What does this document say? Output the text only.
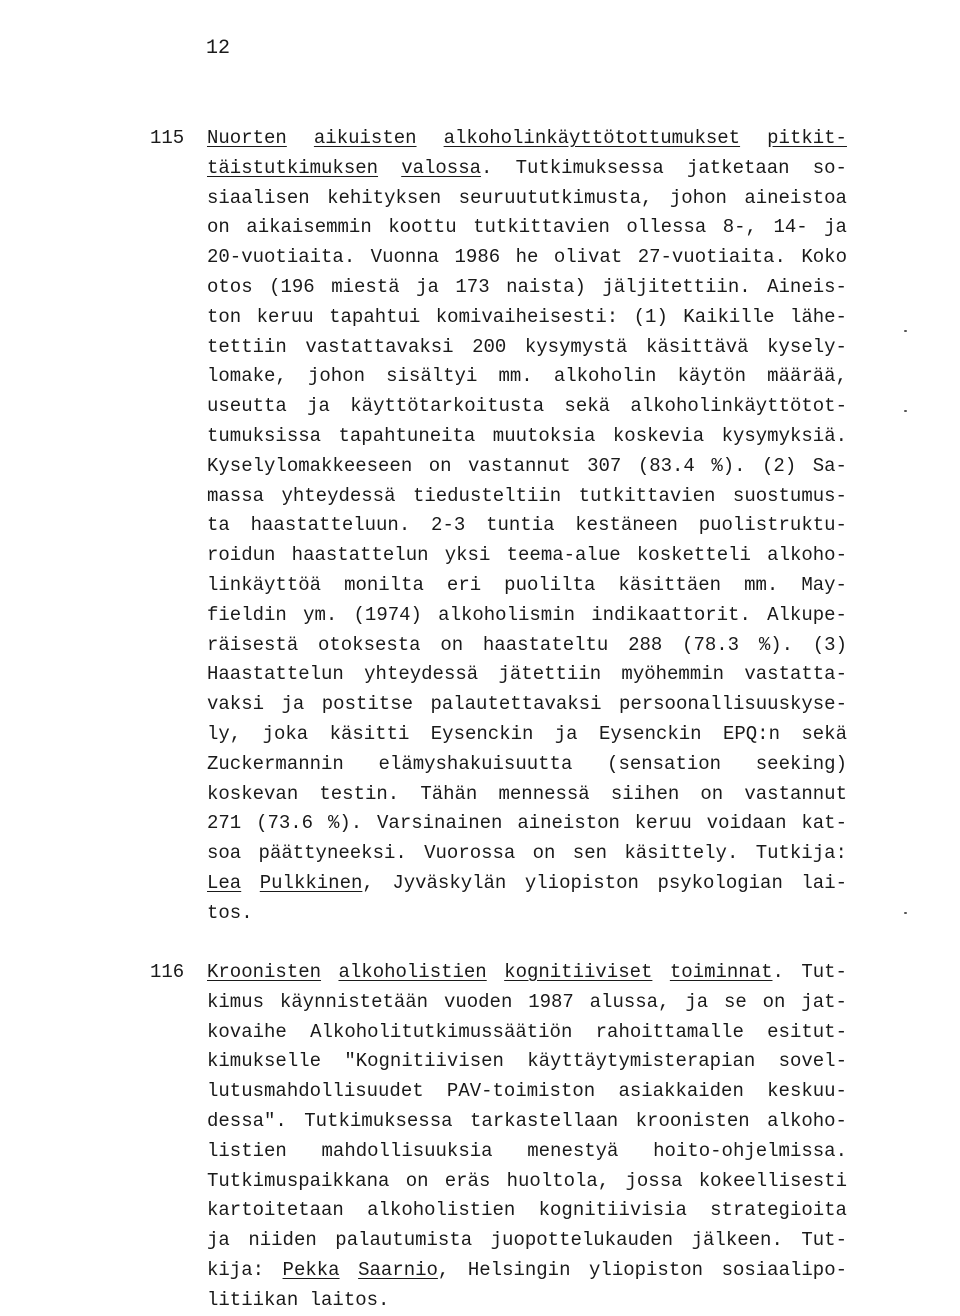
12
115 Nuorten aikuisten alkoholinkäyttötottumukset pitkit-
täistutkimuksen valossa. Tutkimuksessa jatketaan so-
siaalisen kehityksen seuruututkimusta, johon aineistoa
on aikaisemmin koottu tutkittavien ollessa 8-, 14- ja
20-vuotiaita. Vuonna 1986 he olivat 27-vuotiaita. Koko
otos (196 miestä ja 173 naista) jäljitettiin. Aineis-
ton keruu tapahtui komivaiheisesti: (1) Kaikille lähe-
tettiin vastattavaksi 200 kysymystä käsittävä kysely-
lomake, johon sisältyi mm. alkoholin käytön määrää,
useutta ja käyttötarkoitusta sekä alkoholinkäyttötot-
tumuksissa tapahtuneita muutoksia koskevia kysymyksiä.
Kyselylomakkeeseen on vastannut 307 (83.4 %). (2) Sa-
massa yhteydessä tiedusteltiin tutkittavien suostumus-
ta haastatteluun. 2-3 tuntia kestäneen puolistruktu-
roidun haastattelun yksi teema-alue kosketteli alkoho-
linkäyttöä monilta eri puolilta käsittäen mm. May-
fieldin ym. (1974) alkoholismin indikaattorit. Alkupe-
räisestä otoksesta on haastateltu 288 (78.3 %). (3)
Haastattelun yhteydessä jätettiin myöhemmin vastatta-
vaksi ja postitse palautettavaksi persoonallisuuskyse-
ly, joka käsitti Eysenckin ja Eysenckin EPQ:n sekä
Zuckermannin elämyshakuisuutta (sensation seeking)
koskevan testin. Tähän mennessä siihen on vastannut
271 (73.6 %). Varsinainen aineiston keruu voidaan kat-
soa päättyneeksi. Vuorossa on sen käsittely. Tutkija:
Lea Pulkkinen, Jyväskylän yliopiston psykologian lai-
tos.
116 Kroonisten alkoholistien kognitiiviset toiminnat. Tut-
kimus käynnistetään vuoden 1987 alussa, ja se on jat-
kovaihe Alkoholitutkimussäätiön rahoittamalle esitut-
kimukselle "Kognitiivisen käyttäytymisterapian sovel-
lutusmahdollisuudet PAV-toimiston asiakkaiden keskuu-
dessa". Tutkimuksessa tarkastellaan kroonisten alkoho-
listien mahdollisuuksia menestyä hoito-ohjelmissa.
Tutkimuspaikkana on eräs huoltola, jossa kokeellisesti
kartoitetaan alkoholistien kognitiivisia strategioita
ja niiden palautumista juopottelukauden jälkeen. Tut-
kija: Pekka Saarnio, Helsingin yliopiston sosiaalipo-
litiikan laitos.
